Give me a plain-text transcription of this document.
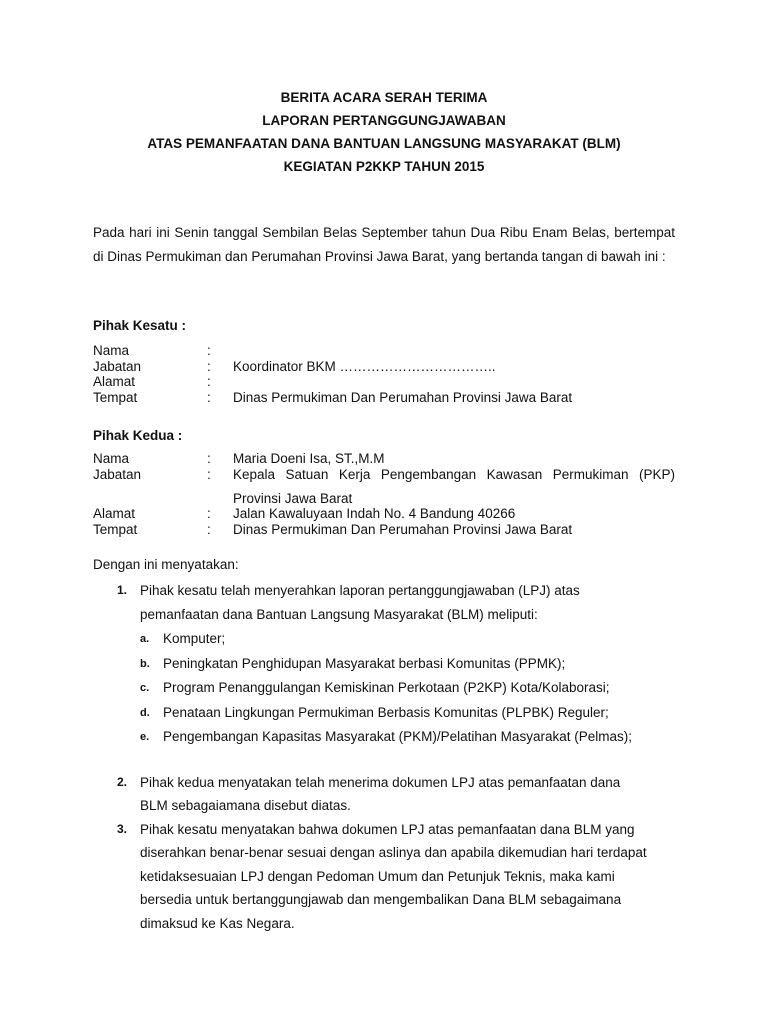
BERITA ACARA SERAH TERIMA
LAPORAN PERTANGGUNGJAWABAN
ATAS PEMANFAATAN DANA BANTUAN LANGSUNG MASYARAKAT (BLM)
KEGIATAN P2KKP TAHUN 2015
Pada hari ini Senin tanggal Sembilan Belas September tahun Dua Ribu Enam Belas, bertempat di Dinas Permukiman dan Perumahan Provinsi Jawa Barat, yang bertanda tangan di bawah ini :
Pihak Kesatu :
Nama	:
Jabatan	: Koordinator BKM ……………………………..
Alamat	:
Tempat	: Dinas Permukiman Dan Perumahan Provinsi Jawa Barat
Pihak Kedua :
Nama	: Maria Doeni Isa, ST.,M.M
Jabatan	: Kepala Satuan Kerja Pengembangan Kawasan Permukiman (PKP)
Provinsi Jawa Barat
Alamat	: Jalan Kawaluyaan Indah No. 4 Bandung 40266
Tempat	: Dinas Permukiman Dan Perumahan Provinsi Jawa Barat
Dengan ini menyatakan:
1. Pihak kesatu telah menyerahkan laporan pertanggungjawaban (LPJ) atas
pemanfaatan dana Bantuan Langsung Masyarakat (BLM) meliputi:
a. Komputer;
b. Peningkatan Penghidupan Masyarakat berbasi Komunitas (PPMK);
c. Program Penanggulangan Kemiskinan Perkotaan (P2KP) Kota/Kolaborasi;
d. Penataan Lingkungan Permukiman Berbasis Komunitas (PLPBK) Reguler;
e. Pengembangan Kapasitas Masyarakat (PKM)/Pelatihan Masyarakat (Pelmas);
2. Pihak kedua menyatakan telah menerima dokumen LPJ atas pemanfaatan dana
BLM sebagaiamana disebut diatas.
3. Pihak kesatu menyatakan bahwa dokumen LPJ atas pemanfaatan dana BLM yang
diserahkan benar-benar sesuai dengan aslinya dan apabila dikemudian hari terdapat
ketidaksesuaian LPJ dengan Pedoman Umum dan Petunjuk Teknis, maka kami
bersedia untuk bertanggungjawab dan mengembalikan Dana BLM sebagaimana
dimaksud ke Kas Negara.
